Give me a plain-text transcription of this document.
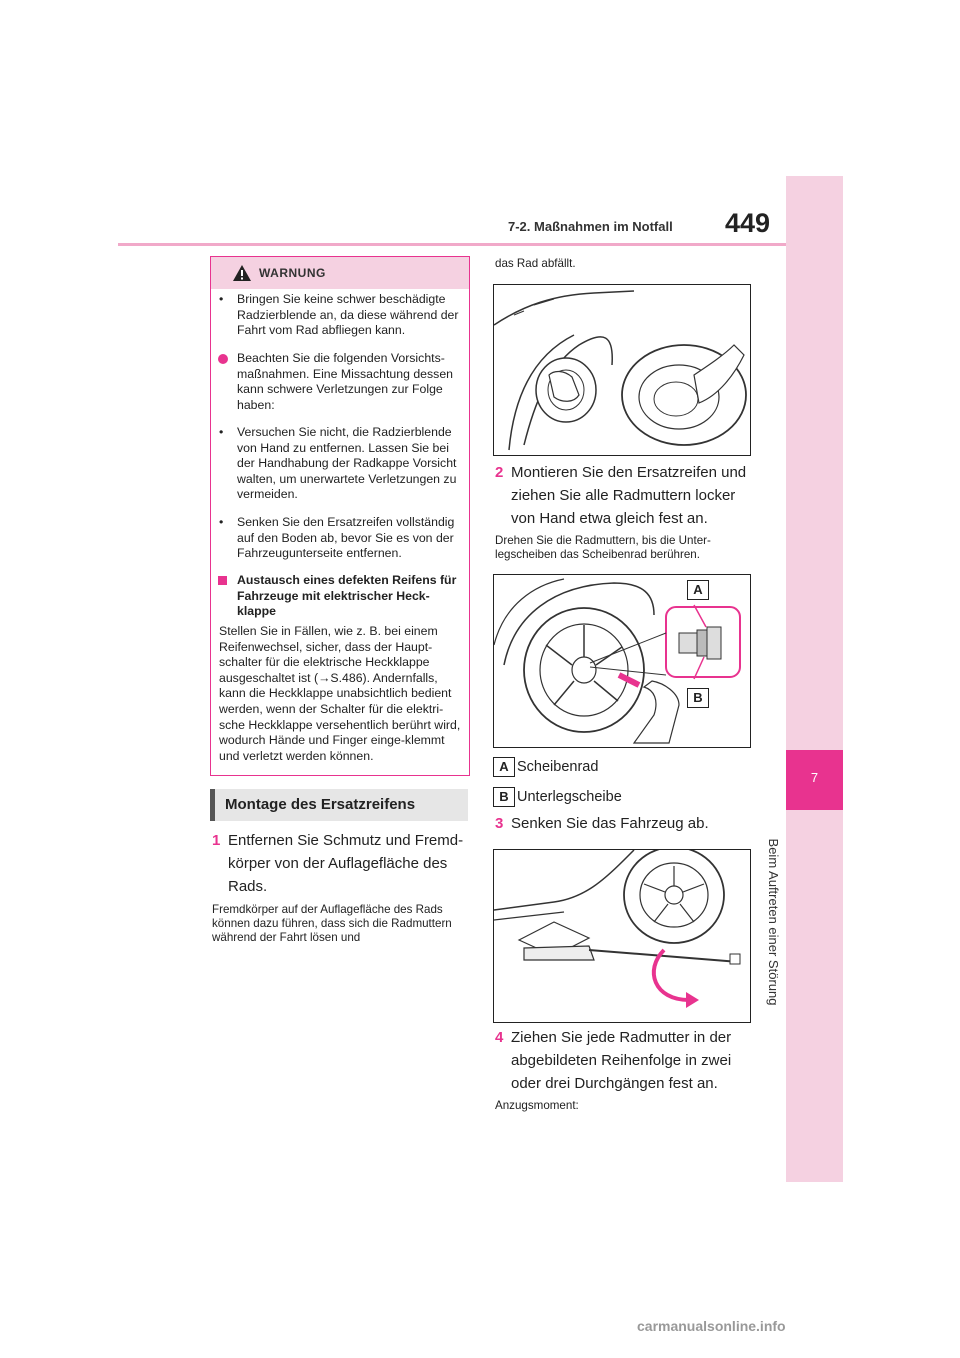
7-2. Maßnahmen im Notfall 449
7
Beim Auftreten einer Störung
WARNUNG
• Bringen Sie keine schwer beschädigte Radzierblende an, da diese während der Fahrt vom Rad abfliegen kann.
Beachten Sie die folgenden Vorsichts-maßnahmen. Eine Missachtung dessen kann schwere Verletzungen zur Folge haben:
• Versuchen Sie nicht, die Radzierblende von Hand zu entfernen. Lassen Sie bei der Handhabung der Radkappe Vorsicht walten, um unerwartete Verletzungen zu vermeiden.
• Senken Sie den Ersatzreifen vollständig auf den Boden ab, bevor Sie es von der Fahrzeugunterseite entfernen.
Austausch eines defekten Reifens für Fahrzeuge mit elektrischer Heck-klappe
Stellen Sie in Fällen, wie z. B. bei einem Reifenwechsel, sicher, dass der Haupt-schalter für die elektrische Heckklappe ausgeschaltet ist (→S.486). Andernfalls, kann die Heckklappe unabsichtlich bedient werden, wenn der Schalter für die elektri-sche Heckklappe versehentlich berührt wird, wodurch Hände und Finger einge-klemmt und verletzt werden können.
Montage des Ersatzreifens
1 Entfernen Sie Schmutz und Fremd-körper von der Auflagefläche des Rads.
Fremdkörper auf der Auflagefläche des Rads können dazu führen, dass sich die Radmuttern während der Fahrt lösen und
das Rad abfällt.
2 Montieren Sie den Ersatzreifen und ziehen Sie alle Radmuttern locker von Hand etwa gleich fest an.
Drehen Sie die Radmuttern, bis die Unter-legscheiben das Scheibenrad berühren.
A
B
A Scheibenrad
B Unterlegscheibe
3 Senken Sie das Fahrzeug ab.
4 Ziehen Sie jede Radmutter in der abgebildeten Reihenfolge in zwei oder drei Durchgängen fest an.
Anzugsmoment:
carmanualsonline.info
